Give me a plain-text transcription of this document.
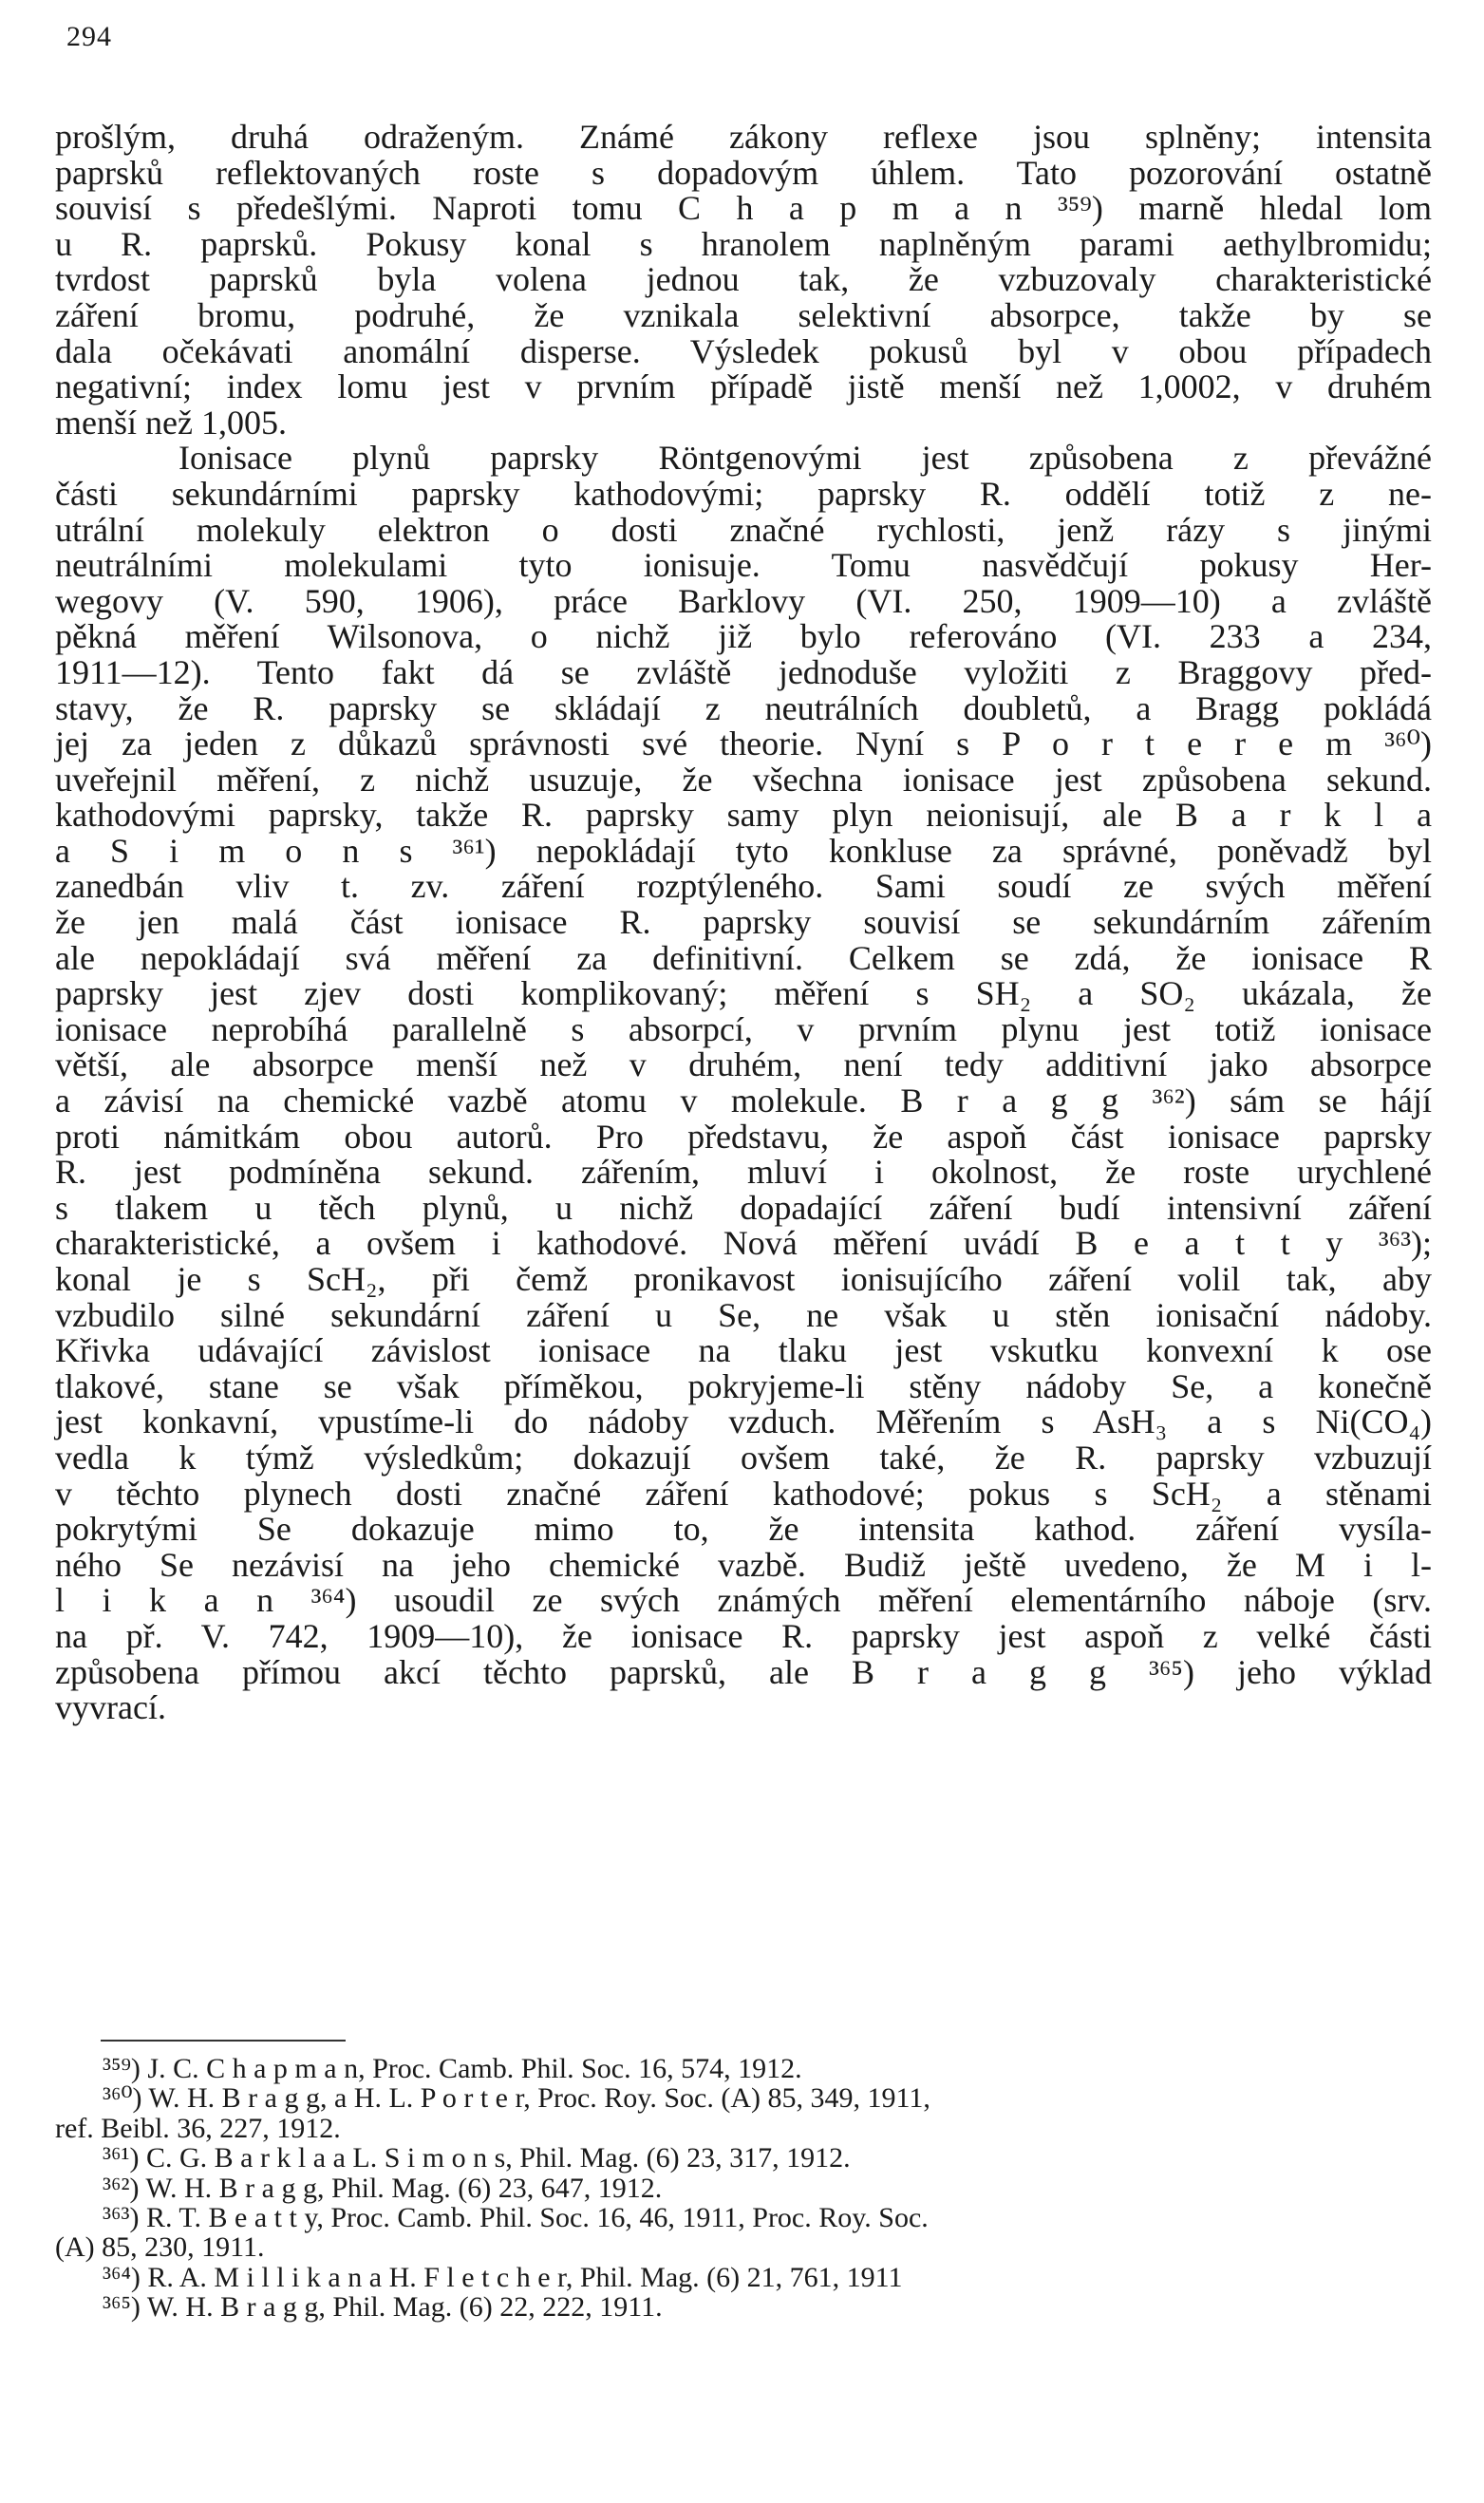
294
prošlým, druhá odraženým. Známé zákony reflexe jsou splněny; intensita
paprsků reflektovaných roste s dopadovým úhlem. Tato pozorování ostatně
souvisí s předešlými. Naproti tomu C h a p m a n ³⁵⁹) marně hledal lom
u R. paprsků. Pokusy konal s hranolem naplněným parami aethylbromidu;
tvrdost paprsků byla volena jednou tak, že vzbuzovaly charakteristické
záření bromu, podruhé, že vznikala selektivní absorpce, takže by se
dala očekávati anomální disperse. Výsledek pokusů byl v obou případech
negativní; index lomu jest v prvním případě jistě menší než 1,0002, v druhém
menší než 1,005.
Ionisace plynů paprsky Röntgenovými jest způsobena z převážné
části sekundárními paprsky kathodovými; paprsky R. oddělí totiž z ne-
utrální molekuly elektron o dosti značné rychlosti, jenž rázy s jinými
neutrálními molekulami tyto ionisuje. Tomu nasvědčují pokusy Her-
wegovy (V. 590, 1906), práce Barklovy (VI. 250, 1909—10) a zvláště
pěkná měření Wilsonova, o nichž již bylo referováno (VI. 233 a 234,
1911—12). Tento fakt dá se zvláště jednoduše vyložiti z Braggovy před-
stavy, že R. paprsky se skládají z neutrálních doubletů, a Bragg pokládá
jej za jeden z důkazů správnosti své theorie. Nyní s P o r t e r e m ³⁶⁰)
uveřejnil měření, z nichž usuzuje, že všechna ionisace jest způsobena sekund.
kathodovými paprsky, takže R. paprsky samy plyn neionisují, ale B a r k l a
a S i m o n s ³⁶¹) nepokládají tyto konkluse za správné, poněvadž byl
zanedbán vliv t. zv. záření rozptýleného. Sami soudí ze svých měření
že jen malá část ionisace R. paprsky souvisí se sekundárním zářením
ale nepokládají svá měření za definitivní. Celkem se zdá, že ionisace R
paprsky jest zjev dosti komplikovaný; měření s SH₂ a SO₂ ukázala, že
ionisace neprobíhá parallelně s absorpcí, v prvním plynu jest totiž ionisace
větší, ale absorpce menší než v druhém, není tedy additivní jako absorpce
a závisí na chemické vazbě atomu v molekule. B r a g g ³⁶²) sám se hájí
proti námitkám obou autorů. Pro představu, že aspoň část ionisace paprsky
R. jest podmíněna sekund. zářením, mluví i okolnost, že roste urychlené
s tlakem u těch plynů, u nichž dopadající záření budí intensivní záření
charakteristické, a ovšem i kathodové. Nová měření uvádí B e a t t y ³⁶³);
konal je s ScH₂, při čemž pronikavost ionisujícího záření volil tak, aby
vzbudilo silné sekundární záření u Se, ne však u stěn ionisační nádoby.
Křivka udávající závislost ionisace na tlaku jest vskutku konvexní k ose
tlakové, stane se však příměkou, pokryjeme-li stěny nádoby Se, a konečně
jest konkavní, vpustíme-li do nádoby vzduch. Měřením s AsH₃ a s Ni(CO₄)
vedla k týmž výsledkům; dokazují ovšem také, že R. paprsky vzbuzují
v těchto plynech dosti značné záření kathodové; pokus s ScH₂ a stěnami
pokrytými Se dokazuje mimo to, že intensita kathod. záření vysíla-
ného Se nezávisí na jeho chemické vazbě. Budiž ještě uvedeno, že M i l-
l i k a n ³⁶⁴) usoudil ze svých známých měření elementárního náboje (srv.
na př. V. 742, 1909—10), že ionisace R. paprsky jest aspoň z velké části
způsobena přímou akcí těchto paprsků, ale B r a g g ³⁶⁵) jeho výklad
vyvrací.
³⁵⁹) J. C. C h a p m a n, Proc. Camb. Phil. Soc. 16, 574, 1912.
³⁶⁰) W. H. B r a g g, a H. L. P o r t e r, Proc. Roy. Soc. (A) 85, 349, 1911,
ref. Beibl. 36, 227, 1912.
³⁶¹) C. G. B a r k l a a L. S i m o n s, Phil. Mag. (6) 23, 317, 1912.
³⁶²) W. H. B r a g g, Phil. Mag. (6) 23, 647, 1912.
³⁶³) R. T. B e a t t y, Proc. Camb. Phil. Soc. 16, 46, 1911, Proc. Roy. Soc.
(A) 85, 230, 1911.
³⁶⁴) R. A. M i l l i k a n a H. F l e t c h e r, Phil. Mag. (6) 21, 761, 1911
³⁶⁵) W. H. B r a g g, Phil. Mag. (6) 22, 222, 1911.
